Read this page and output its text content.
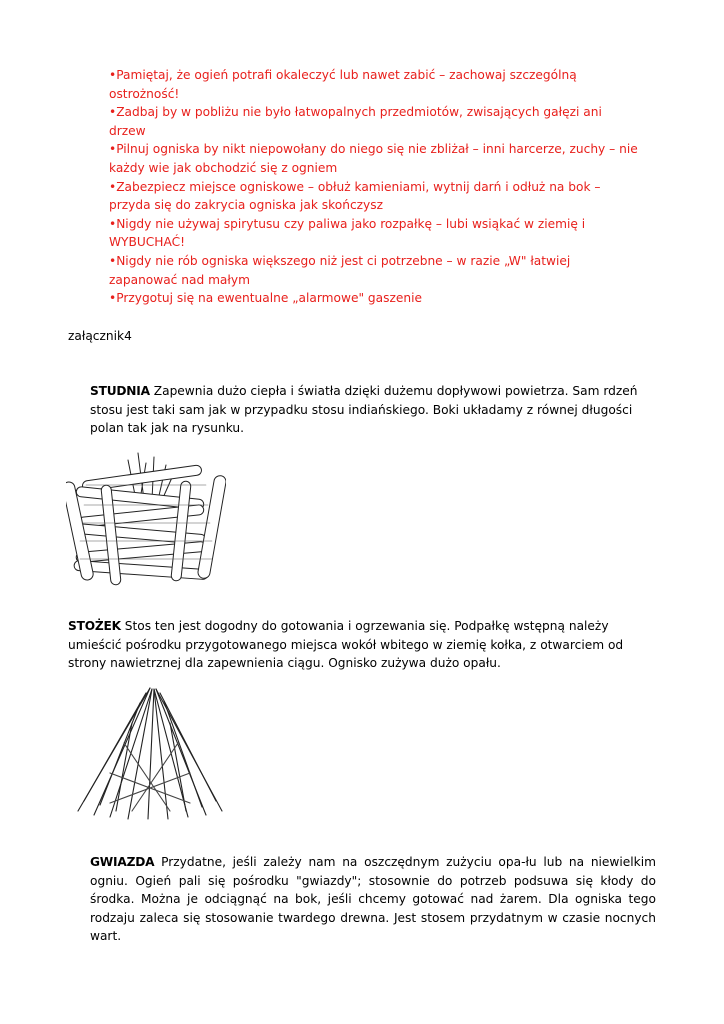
•Pamiętaj, że ogień potrafi okaleczyć lub nawet zabić – zachowaj szczególną ostrożność!

•Zadbaj by w pobliżu nie było łatwopalnych przedmiotów, zwisających gałęzi ani drzew

•Pilnuj ogniska by nikt niepowołany do niego się nie zbliżał – inni harcerze, zuchy – nie każdy wie jak obchodzić się z ogniem

•Zabezpiecz miejsce ogniskowe – obłuż kamieniami, wytnij darń i odłuż na bok – przyda się do zakrycia ogniska jak skończysz

•Nigdy nie używaj spirytusu czy paliwa jako rozpałkę – lubi wsiąkać w ziemię i WYBUCHAĆ!

•Nigdy nie rób ogniska większego niż jest ci potrzebne – w razie „W" łatwiej zapanować nad małym

•Przygotuj się na ewentualne „alarmowe" gaszenie

załącznik4
STUDNIA Zapewnia dużo ciepła i światła dzięki dużemu dopływowi powietrza. Sam rdzeń stosu jest taki sam jak w przypadku stosu indiańskiego. Boki układamy z równej długości polan tak jak na rysunku.
STOŻEK Stos ten jest dogodny do gotowania i ogrzewania się. Podpałkę wstępną należy umieścić pośrodku przygotowanego miejsca wokół wbitego w ziemię kołka, z otwarciem od strony nawietrznej dla zapewnienia ciągu. Ognisko zużywa dużo opału.
GWIAZDA Przydatne, jeśli zależy nam na oszczędnym zużyciu opa-łu lub na niewielkim ogniu. Ogień pali się pośrodku "gwiazdy"; stosownie do potrzeb podsuwa się kłody do środka. Można je odciągnąć na bok, jeśli chcemy gotować nad żarem. Dla ogniska tego rodzaju zaleca się stosowanie twardego drewna. Jest stosem przydatnym w czasie nocnych wart.
